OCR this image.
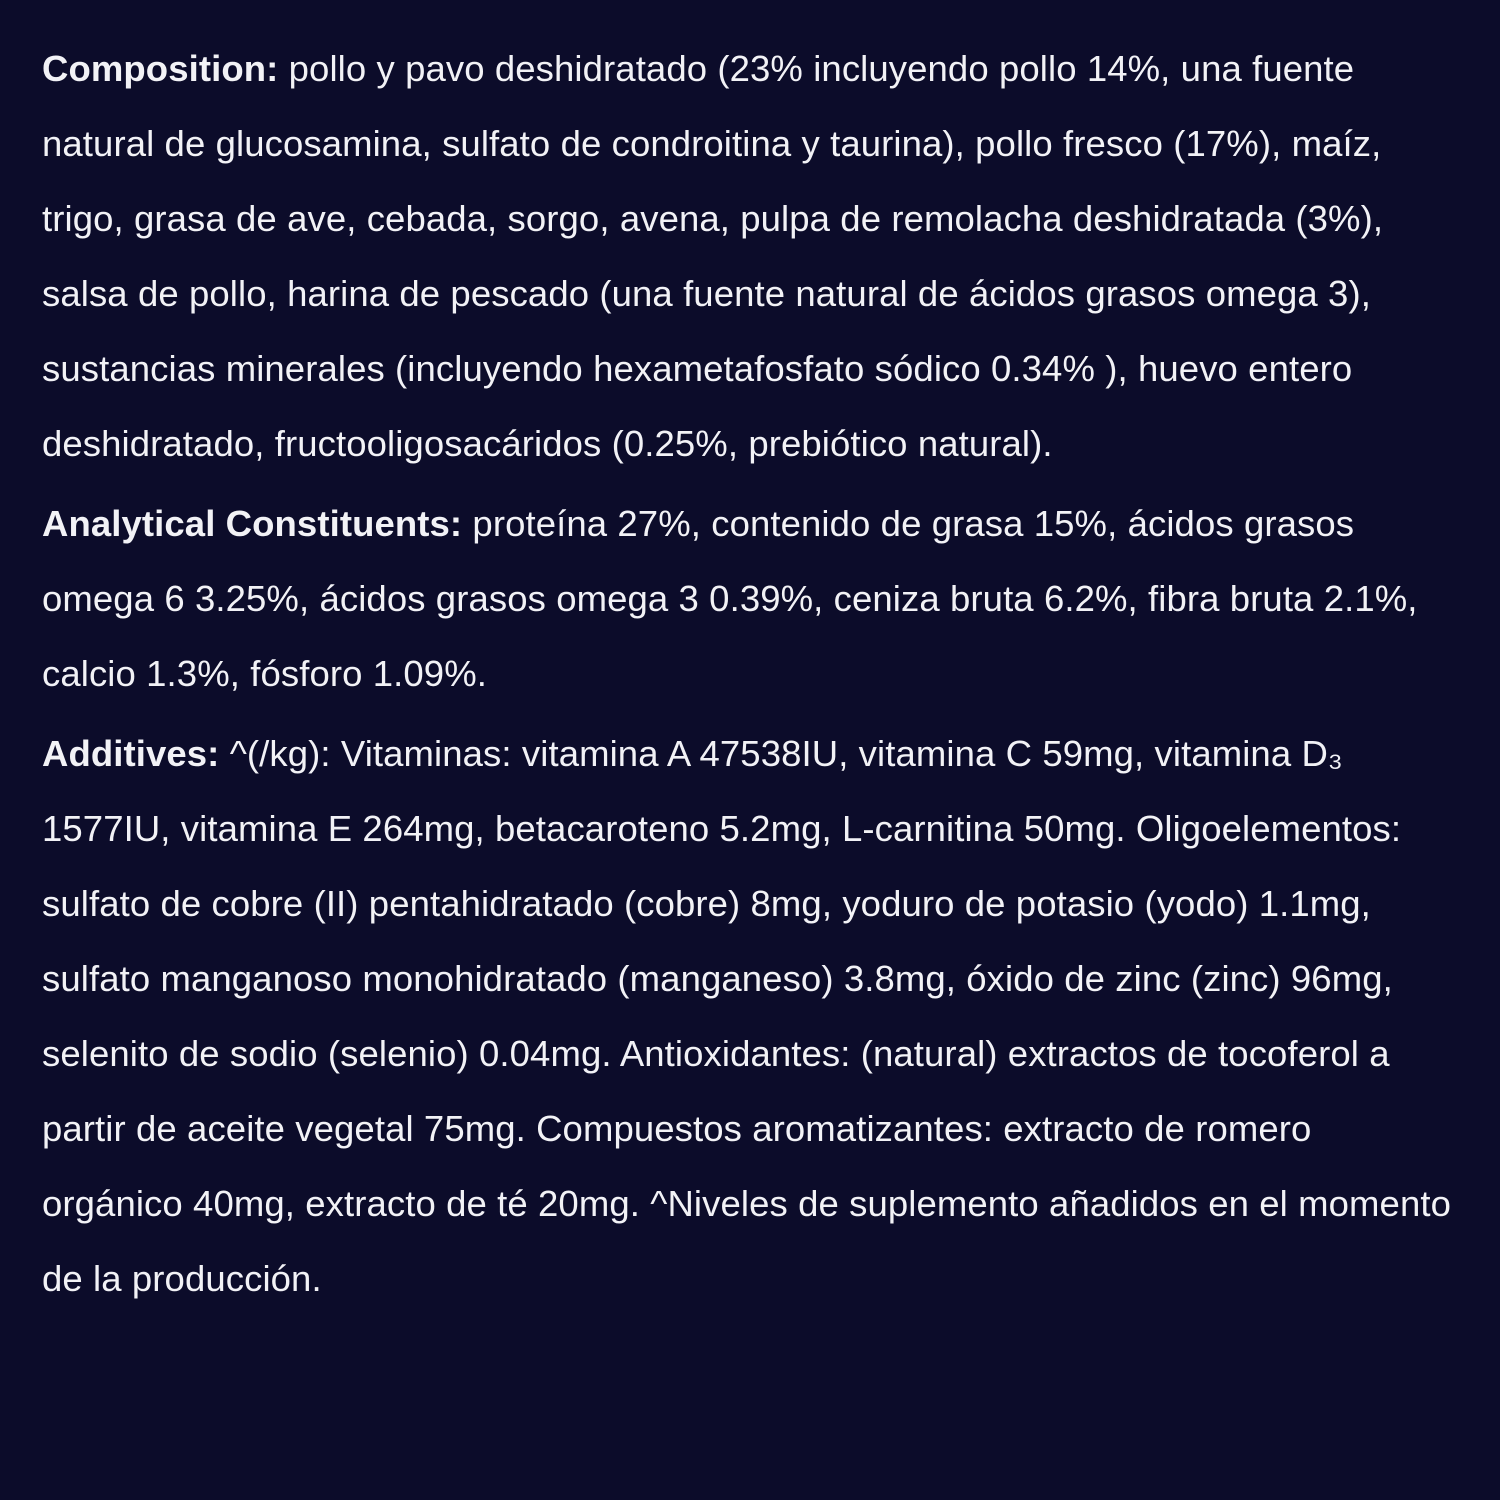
Composition: pollo y pavo deshidratado (23% incluyendo pollo 14%, una fuente natural de glucosamina, sulfato de condroitina y taurina), pollo fresco (17%), maíz, trigo, grasa de ave, cebada, sorgo, avena, pulpa de remolacha deshidratada (3%), salsa de pollo, harina de pescado (una fuente natural de ácidos grasos omega 3), sustancias minerales (incluyendo hexametafosfato sódico 0.34% ), huevo entero deshidratado, fructooligosacáridos (0.25%, prebiótico natural).

Analytical Constituents: proteína 27%, contenido de grasa 15%, ácidos grasos omega 6 3.25%, ácidos grasos omega 3 0.39%, ceniza bruta 6.2%, fibra bruta 2.1%, calcio 1.3%, fósforo 1.09%.

Additives: ^(/kg): Vitaminas: vitamina A 47538IU, vitamina C 59mg, vitamina D₃ 1577IU, vitamina E 264mg, betacaroteno 5.2mg, L-carnitina 50mg. Oligoelementos: sulfato de cobre (II) pentahidratado (cobre) 8mg, yoduro de potasio (yodo) 1.1mg, sulfato manganoso monohidratado (manganeso) 3.8mg, óxido de zinc (zinc) 96mg, selenito de sodio (selenio) 0.04mg. Antioxidantes: (natural) extractos de tocoferol a partir de aceite vegetal 75mg. Compuestos aromatizantes: extracto de romero orgánico 40mg, extracto de té 20mg. ^Niveles de suplemento añadidos en el momento de la producción.
